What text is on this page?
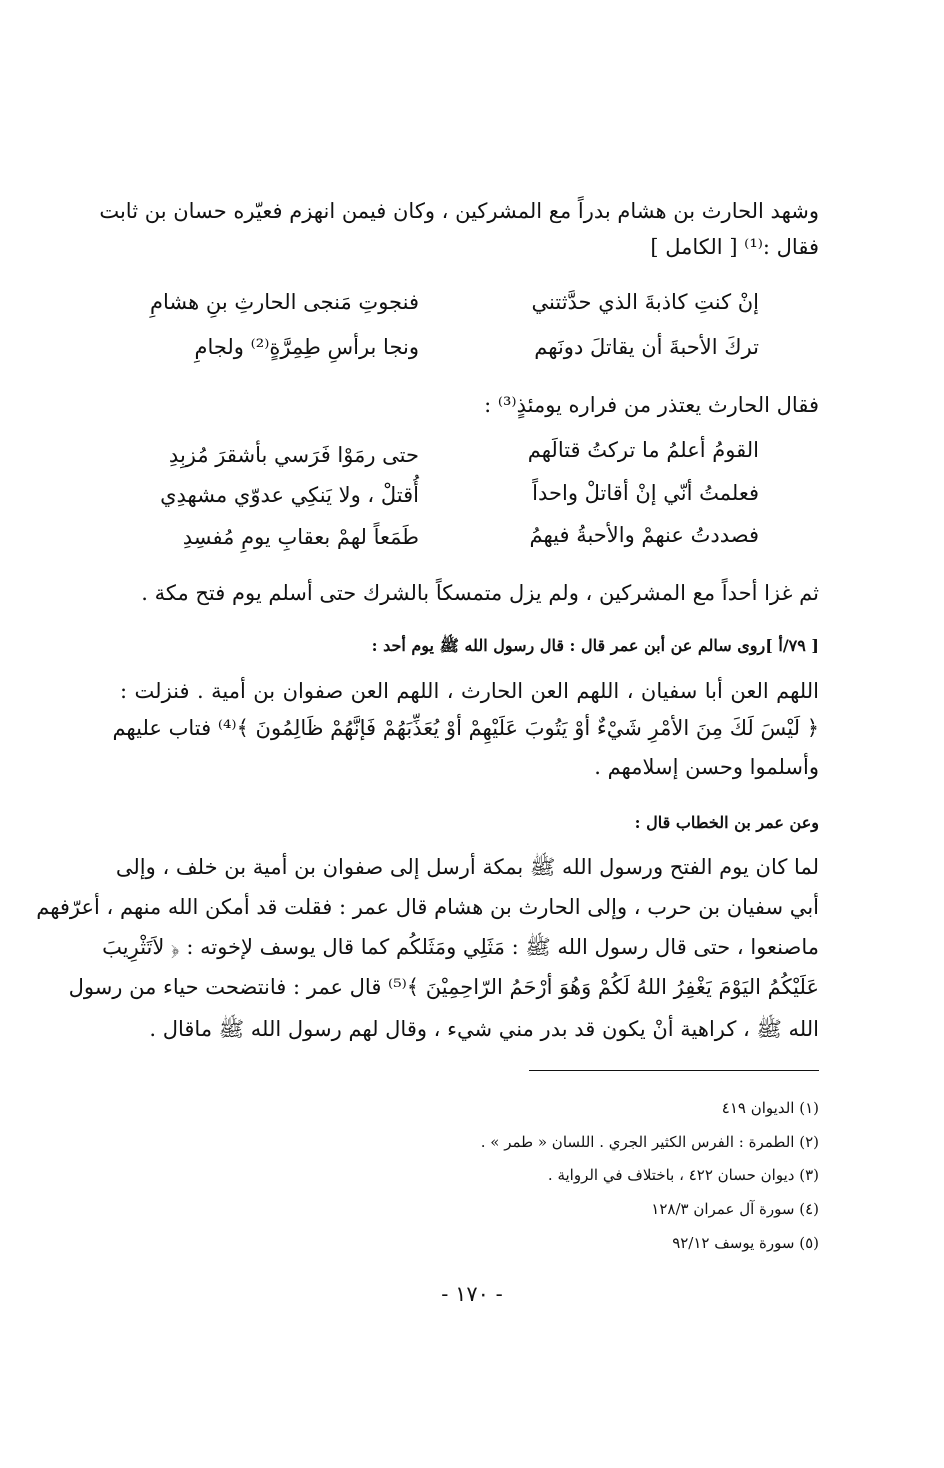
وشهد الحارث بن هشام بدراً مع المشركين ، وكان فيمن انهزم فعيّره حسان بن ثابت
فقال :⁽¹⁾ [ الكامل ]
إنْ كنتِ كاذبةَ الذي حدَّثتني
فنجوتِ مَنجى الحارثِ بنِ هشامِ
تركَ الأحبةَ أن يقاتلَ دونَهم
ونجا برأسِ طِمِرَّةٍ⁽²⁾ ولجامِ
فقال الحارث يعتذر من فراره يومئذٍ⁽³⁾ :
القومُ أعلمُ ما تركتُ قتالَهم
حتى رمَوْا فَرَسي بأشقرَ مُزبِدِ
فعلمتُ أنّي إنْ أقاتلْ واحداً
أُقتلْ ، ولا يَنكِي عدوّي مشهدِي
فصددتُ عنهمْ والأحبةُ فيهمُ
طَمَعاً لهمْ بعقابِ يومِ مُفسِدِ
ثم غزا أحداً مع المشركين ، ولم يزل متمسكاً بالشرك حتى أسلم يوم فتح مكة .
[ ٧٩/أ ]روى سالم عن أبن عمر قال : قال رسول الله ﷺ يوم أحد :
اللهم العن أبا سفيان ، اللهم العن الحارث ، اللهم العن صفوان بن أمية . فنزلت :
﴿ لَيْسَ لَكَ مِنَ الأمْرِ شَيْءٌ أوْ يَتُوبَ عَلَيْهِمْ أوْ يُعَذِّبَهُمْ فَإنَّهُمْ ظَالِمُونَ ﴾⁽⁴⁾ فتاب عليهم
وأسلموا وحسن إسلامهم .
وعن عمر بن الخطاب قال :
لما كان يوم الفتح ورسول الله ﷺ بمكة أرسل إلى صفوان بن أمية بن خلف ، وإلى
أبي سفيان بن حرب ، وإلى الحارث بن هشام قال عمر : فقلت قد أمكن الله منهم ، أعرّفهم
ماصنعوا ، حتى قال رسول الله ﷺ : مَثَلِي ومَثَلكُم كما قال يوسف لإخوته : ﴿ لاَتَثْرِيبَ
عَلَيْكُمُ اليَوْمَ يَغْفِرُ اللهُ لَكُمْ وَهُوَ أرْحَمُ الرّاحِمِيْنَ ﴾⁽⁵⁾ قال عمر : فانتضحت حياء من رسول
الله ﷺ ، كراهية أنْ يكون قد بدر مني شيء ، وقال لهم رسول الله ﷺ ماقال .
(١) الديوان ٤١٩
(٢) الطمرة : الفرس الكثير الجري . اللسان « طمر » .
(٣) ديوان حسان ٤٢٢ ، باختلاف في الرواية .
(٤) سورة آل عمران ١٢٨/٣
(٥) سورة يوسف ٩٢/١٢
- ١٧٠ -
